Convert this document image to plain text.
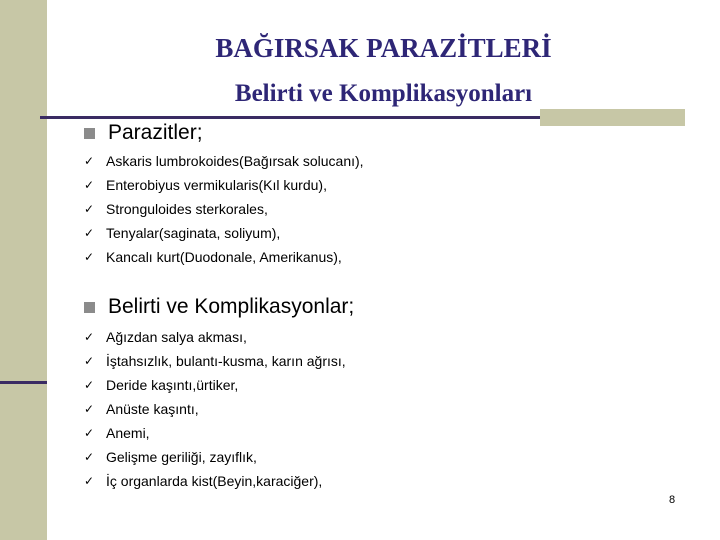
BAĞIRSAK PARAZİTLERİ
Belirti ve Komplikasyonları
Parazitler;
✓ Askaris lumbrokoides(Bağırsak solucanı),
✓ Enterobiyus vermikularis(Kıl kurdu),
✓ Stronguloides sterkorales,
✓ Tenyalar(saginata, soliyum),
✓ Kancalı kurt(Duodonale, Amerikanus),
Belirti ve Komplikasyonlar;
✓ Ağızdan salya akması,
✓ İştahsızlık, bulantı-kusma, karın ağrısı,
✓ Deride kaşıntı,ürtiker,
✓ Anüste kaşıntı,
✓ Anemi,
✓ Gelişme geriliği, zayıflık,
✓ İç organlarda kist(Beyin,karaciğer),
8
